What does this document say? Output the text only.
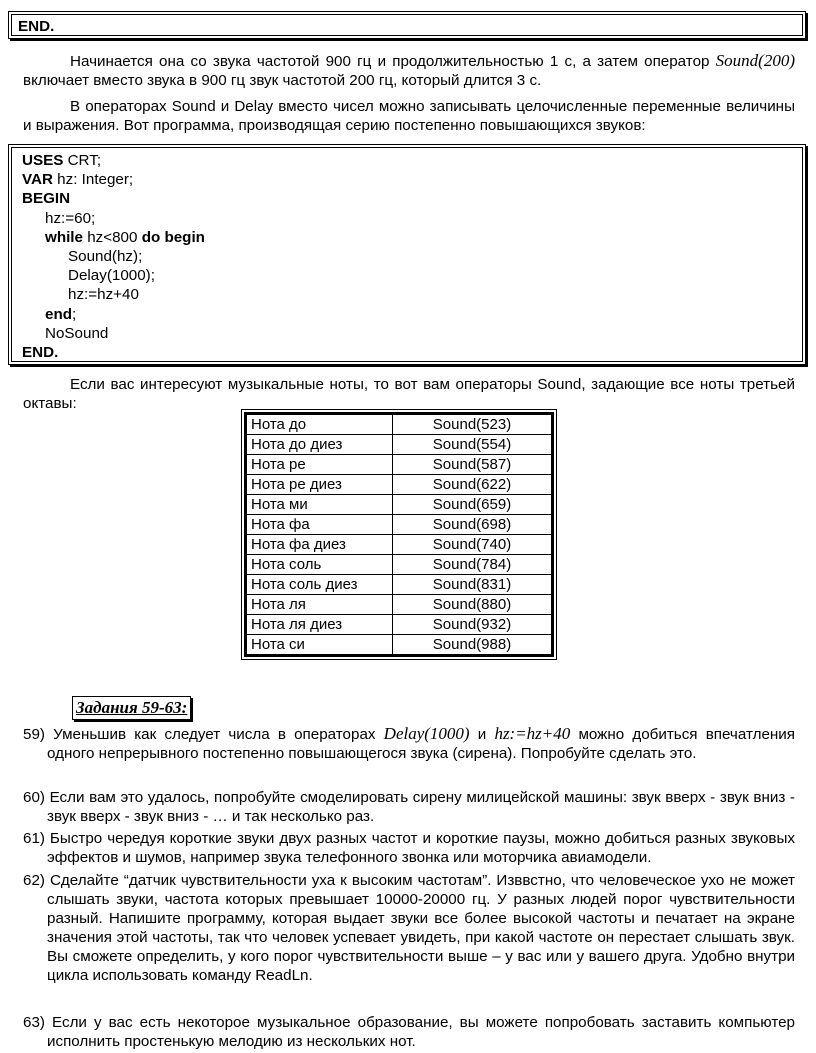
END.
Начинается она со звука частотой 900 гц и продолжительностью 1 с, а затем оператор Sound(200) включает вместо звука в 900 гц звук частотой 200 гц, который длится 3 с.
В операторах Sound и Delay вместо чисел можно записывать целочисленные переменные величины и выражения. Вот программа, производящая серию постепенно повышающихся звуков:
USES CRT;
VAR hz: Integer;
BEGIN
hz:=60;
while hz<800 do begin
Sound(hz);
Delay(1000);
hz:=hz+40
end;
NoSound
END.
Если вас интересуют музыкальные ноты, то вот вам операторы Sound, задающие все ноты третьей октавы:
Нота до	Sound(523)
Нота до диез	Sound(554)
Нота ре	Sound(587)
Нота ре диез	Sound(622)
Нота ми	Sound(659)
Нота фа	Sound(698)
Нота фа диез	Sound(740)
Нота соль	Sound(784)
Нота соль диез	Sound(831)
Нота ля	Sound(880)
Нота ля диез	Sound(932)
Нота си	Sound(988)
Задания 59-63:
59) Уменьшив как следует числа в операторах Delay(1000) и hz:=hz+40 можно добиться впечатления одного непрерывного постепенно повышающегося звука (сирена). Попробуйте сделать это.
60) Если вам это удалось, попробуйте смоделировать сирену милицейской машины: звук вверх - звук вниз - звук вверх - звук вниз - … и так несколько раз.
61) Быстро чередуя короткие звуки двух разных частот и короткие паузы, можно добиться разных звуковых эффектов и шумов, например звука телефонного звонка или моторчика авиамодели.
62) Сделайте “датчик чувствительности уха к высоким частотам”. Изввстно, что человеческое ухо не может слышать звуки, частота которых превышает 10000-20000 гц. У разных людей порог чувствительности разный. Напишите программу, которая выдает звуки все более высокой частоты и печатает на экране значения этой частоты, так что человек успевает увидеть, при какой частоте он перестает слышать звук. Вы сможете определить, у кого порог чувствительности выше – у вас или у вашего друга. Удобно внутри цикла использовать команду ReadLn.
63) Если у вас есть некоторое музыкальное образование, вы можете попробовать заставить компьютер исполнить простенькую мелодию из нескольких нот.
